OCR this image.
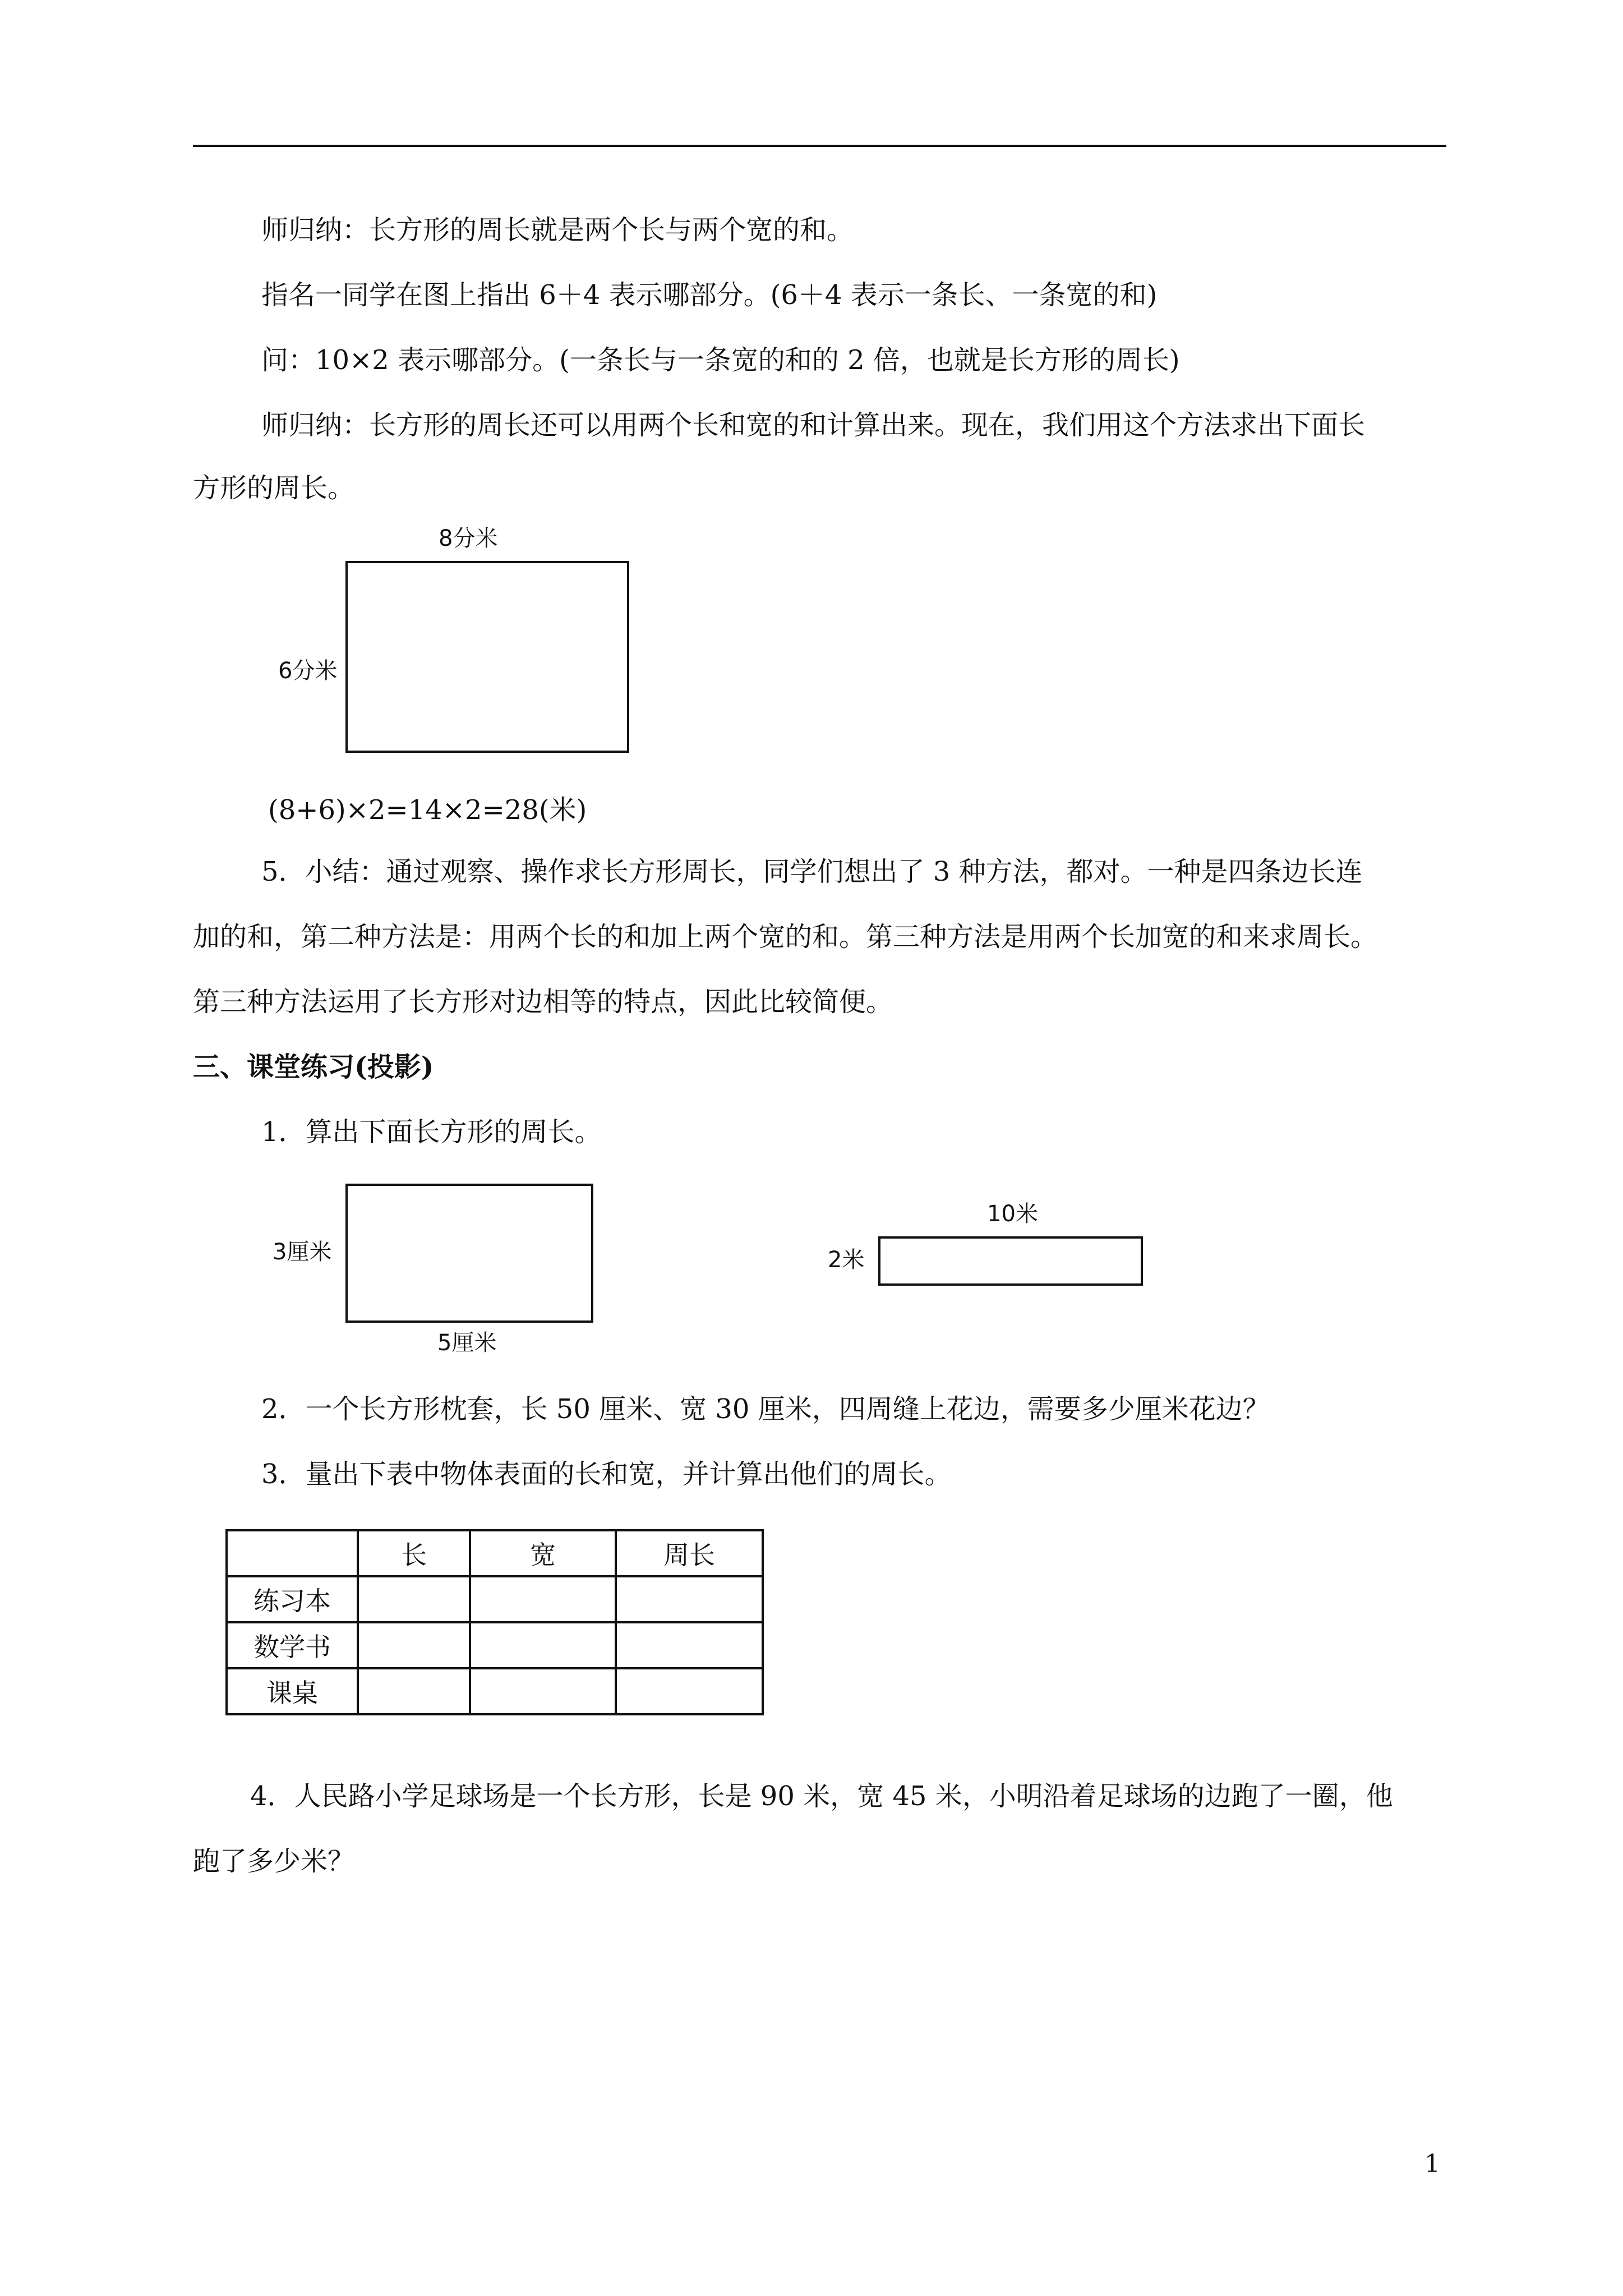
师归纳：长方形的周长就是两个长与两个宽的和。
指名一同学在图上指出 6＋4 表示哪部分。(6＋4 表示一条长、一条宽的和)
问：10×2 表示哪部分。(一条长与一条宽的和的 2 倍，也就是长方形的周长)
师归纳：长方形的周长还可以用两个长和宽的和计算出来。现在，我们用这个方法求出下面长
方形的周长。
8分米
6分米
(8+6)×2=14×2=28(米)
5．小结：通过观察、操作求长方形周长，同学们想出了 3 种方法，都对。一种是四条边长连
加的和，第二种方法是：用两个长的和加上两个宽的和。第三种方法是用两个长加宽的和来求周长。
第三种方法运用了长方形对边相等的特点，因此比较简便。
三、课堂练习(投影)
1．算出下面长方形的周长。
3厘米
5厘米
10米
2米
2．一个长方形枕套，长 50 厘米、宽 30 厘米，四周缝上花边，需要多少厘米花边？
3．量出下表中物体表面的长和宽，并计算出他们的周长。
	长	宽	周长
练习本			
数学书			
课桌			
4．人民路小学足球场是一个长方形，长是 90 米，宽 45 米，小明沿着足球场的边跑了一圈，他
跑了多少米？
1
